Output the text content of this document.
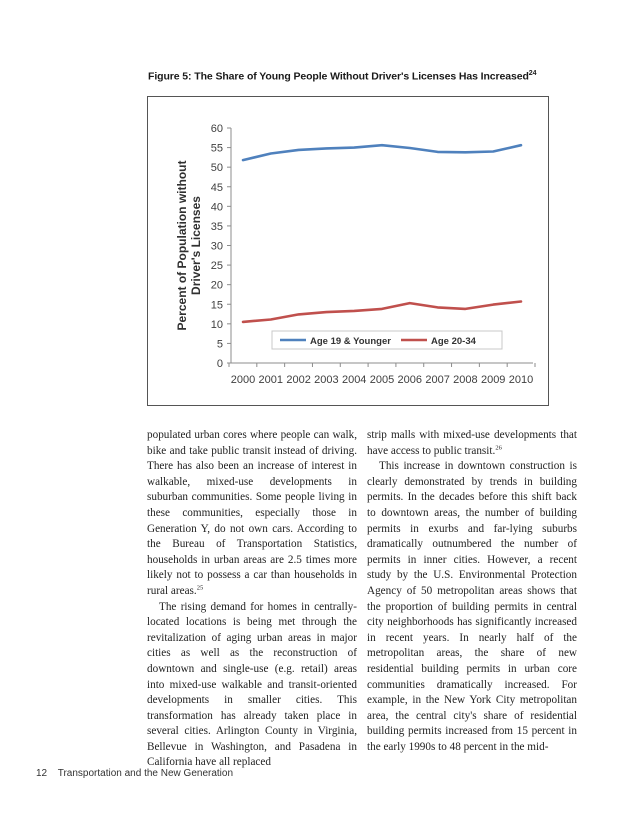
Figure 5: The Share of Young People Without Driver's Licenses Has Increased$^{24}$
0
5
10
15
20
25
30
35
40
45
50
55
60
2000 2001 2002 2003 2004 2005 2006 2007 2008 2009 2010
Percent of Population without Driver's Licenses
Age 19 & Younger	Age 20-34

populated urban cores where people can walk, bike and take public transit instead of driving. There has also been an increase of interest in walkable, mixed-use developments in suburban communities. Some people living in these communities, especially those in Generation Y, do not own cars. According to the Bureau of Transportation Statistics, households in urban areas are 2.5 times more likely not to possess a car than households in rural areas.$^{25}$

The rising demand for homes in centrally-located locations is being met through the revitalization of aging urban areas in major cities as well as the reconstruction of downtown and single-use (e.g. retail) areas into mixed-use walkable and transit-oriented developments in smaller cities. This transformation has already taken place in several cities. Arlington County in Virginia, Bellevue in Washington, and Pasadena in California have all replaced

strip malls with mixed-use developments that have access to public transit.$^{26}$

This increase in downtown construction is clearly demonstrated by trends in building permits. In the decades before this shift back to downtown areas, the number of building permits in exurbs and far-lying suburbs dramatically outnumbered the number of permits in inner cities. However, a recent study by the U.S. Environmental Protection Agency of 50 metropolitan areas shows that the proportion of building permits in central city neighborhoods has significantly increased in recent years. In nearly half of the metropolitan areas, the share of new residential building permits in urban core communities dramatically increased. For example, in the New York City metropolitan area, the central city's share of residential building permits increased from 15 percent in the early 1990s to 48 percent in the mid-

12 Transportation and the New Generation
